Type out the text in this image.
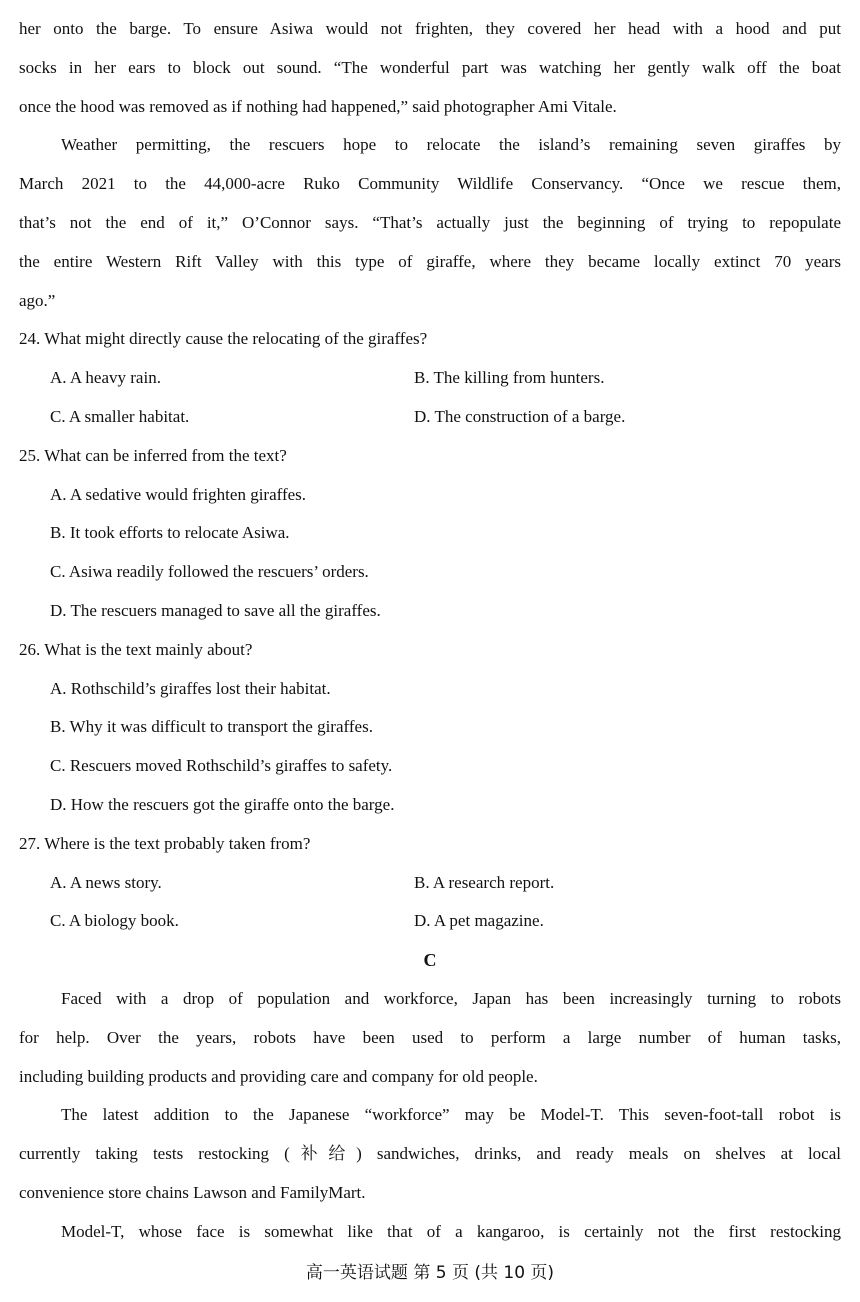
her onto the barge. To ensure Asiwa would not frighten, they covered her head with a hood and put
socks in her ears to block out sound. “The wonderful part was watching her gently walk off the boat
once the hood was removed as if nothing had happened,” said photographer Ami Vitale.
Weather permitting, the rescuers hope to relocate the island’s remaining seven giraffes by
March 2021 to the 44,000-acre Ruko Community Wildlife Conservancy. “Once we rescue them,
that’s not the end of it,” O’Connor says. “That’s actually just the beginning of trying to repopulate
the entire Western Rift Valley with this type of giraffe, where they became locally extinct 70 years
ago.”
24. What might directly cause the relocating of the giraffes?
A. A heavy rain.	B. The killing from hunters.
C. A smaller habitat.	D. The construction of a barge.
25. What can be inferred from the text?
A. A sedative would frighten giraffes.
B. It took efforts to relocate Asiwa.
C. Asiwa readily followed the rescuers’ orders.
D. The rescuers managed to save all the giraffes.
26. What is the text mainly about?
A. Rothschild’s giraffes lost their habitat.
B. Why it was difficult to transport the giraffes.
C. Rescuers moved Rothschild’s giraffes to safety.
D. How the rescuers got the giraffe onto the barge.
27. Where is the text probably taken from?
A. A news story.	B. A research report.
C. A biology book.	D. A pet magazine.
C
Faced with a drop of population and workforce, Japan has been increasingly turning to robots
for help. Over the years, robots have been used to perform a large number of human tasks,
including building products and providing care and company for old people.
The latest addition to the Japanese “workforce” may be Model-T. This seven-foot-tall robot is
currently taking tests restocking (补给) sandwiches, drinks, and ready meals on shelves at local
convenience store chains Lawson and FamilyMart.
Model-T, whose face is somewhat like that of a kangaroo, is certainly not the first restocking
高一英语试题 第 5 页 (共 10 页)
